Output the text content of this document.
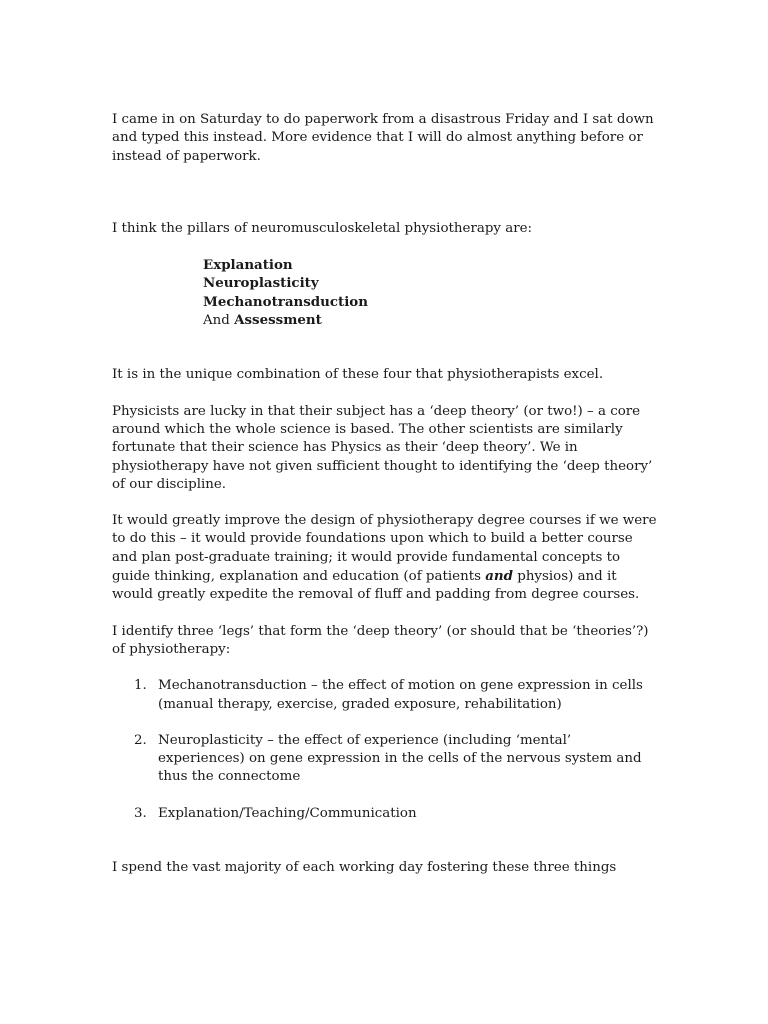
I came in on Saturday to do paperwork from a disastrous Friday and I sat down and typed this instead. More evidence that I will do almost anything before or instead of paperwork.

I think the pillars of neuromusculoskeletal physiotherapy are:

Explanation
Neuroplasticity
Mechanotransduction
And Assessment

It is in the unique combination of these four that physiotherapists excel.

Physicists are lucky in that their subject has a ‘deep theory’ (or two!) – a core around which the whole science is based. The other scientists are similarly fortunate that their science has Physics as their ‘deep theory’. We in physiotherapy have not given sufficient thought to identifying the ‘deep theory’ of our discipline.

It would greatly improve the design of physiotherapy degree courses if we were to do this – it would provide foundations upon which to build a better course and plan post-graduate training; it would provide fundamental concepts to guide thinking, explanation and education (of patients and physios) and it would greatly expedite the removal of fluff and padding from degree courses.

I identify three ‘legs’ that form the ‘deep theory’ (or should that be ‘theories’?) of physiotherapy:

1. Mechanotransduction – the effect of motion on gene expression in cells (manual therapy, exercise, graded exposure, rehabilitation)
2. Neuroplasticity – the effect of experience (including ‘mental’ experiences) on gene expression in the cells of the nervous system and thus the connectome
3. Explanation/Teaching/Communication

I spend the vast majority of each working day fostering these three things
